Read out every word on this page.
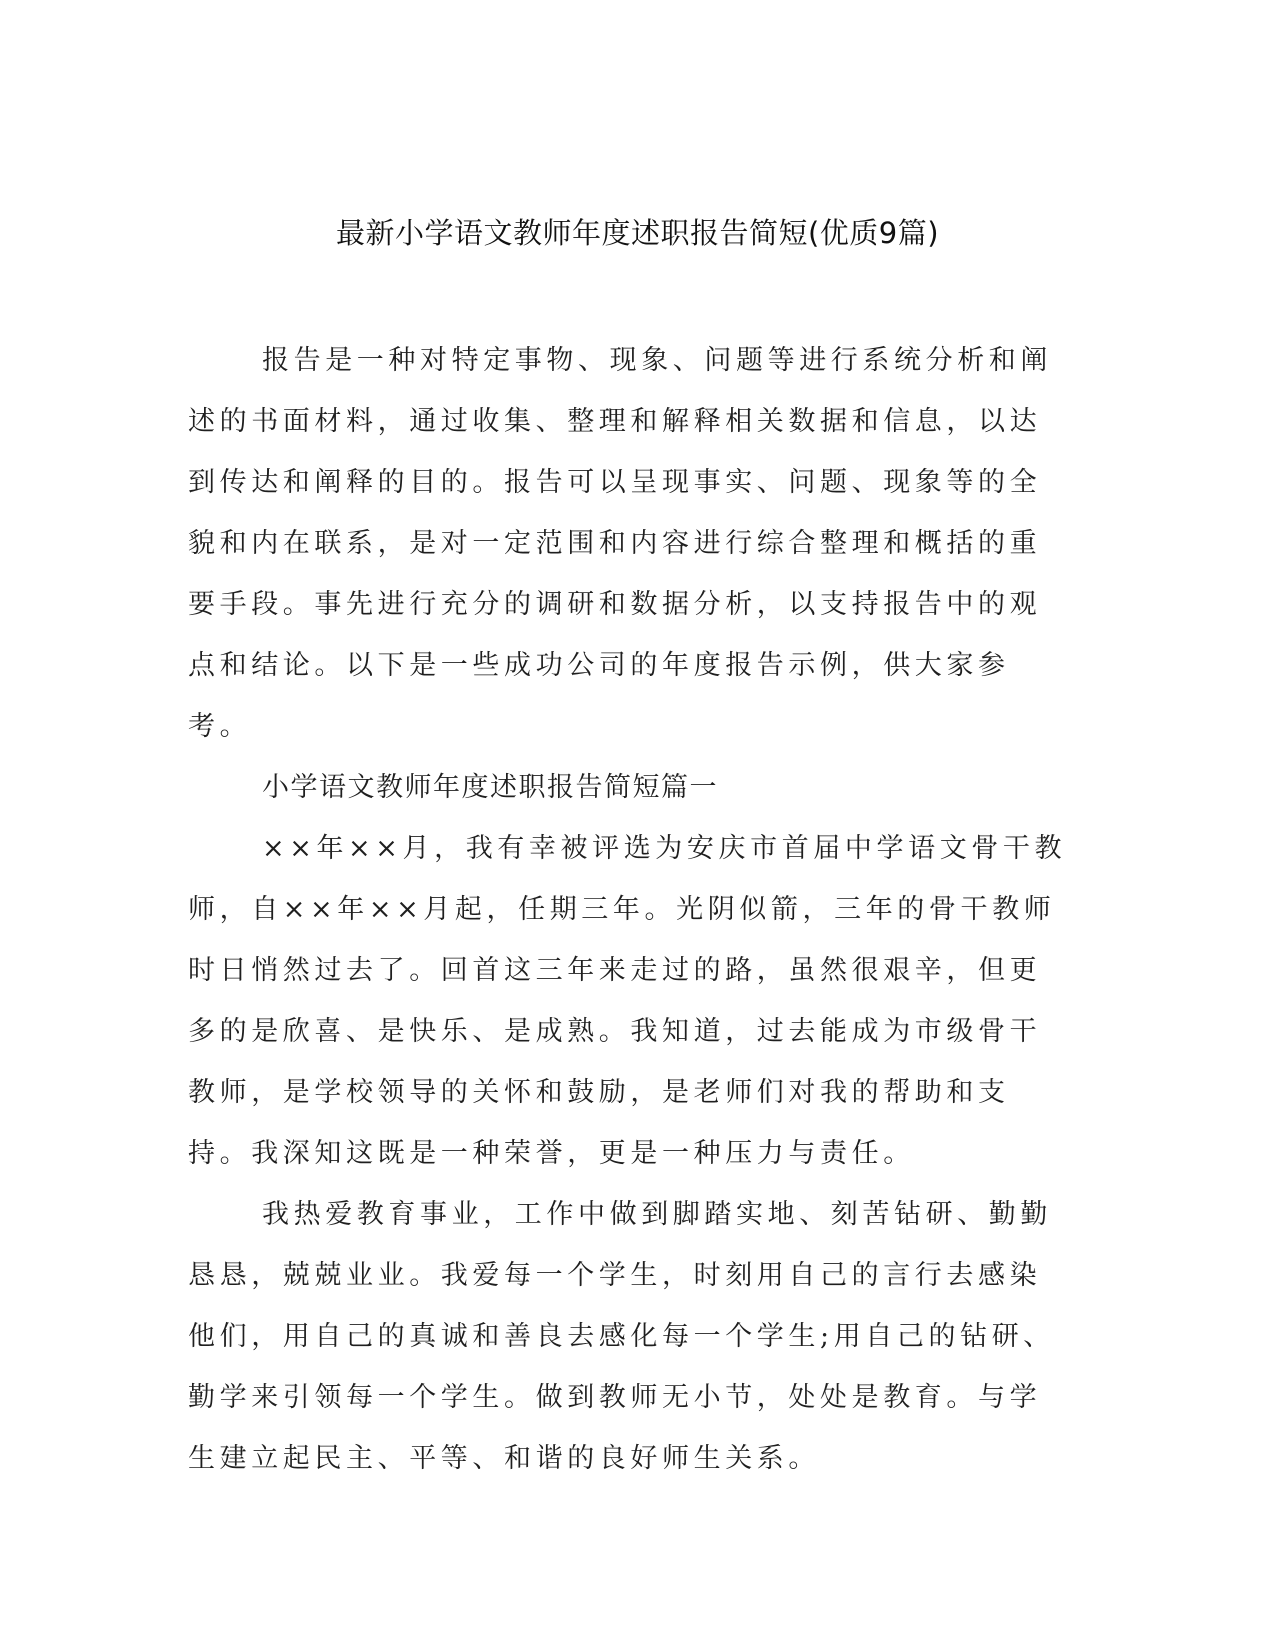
最新小学语文教师年度述职报告简短(优质9篇)

报告是一种对特定事物、现象、问题等进行系统分析和阐述的书面材料，通过收集、整理和解释相关数据和信息，以达到传达和阐释的目的。报告可以呈现事实、问题、现象等的全貌和内在联系，是对一定范围和内容进行综合整理和概括的重要手段。事先进行充分的调研和数据分析，以支持报告中的观点和结论。以下是一些成功公司的年度报告示例，供大家参考。

小学语文教师年度述职报告简短篇一

××年××月，我有幸被评选为安庆市首届中学语文骨干教师，自××年××月起，任期三年。光阴似箭，三年的骨干教师时日悄然过去了。回首这三年来走过的路，虽然很艰辛，但更多的是欣喜、是快乐、是成熟。我知道，过去能成为市级骨干教师，是学校领导的关怀和鼓励，是老师们对我的帮助和支持。我深知这既是一种荣誉，更是一种压力与责任。

我热爱教育事业，工作中做到脚踏实地、刻苦钻研、勤勤恳恳，兢兢业业。我爱每一个学生，时刻用自己的言行去感染他们，用自己的真诚和善良去感化每一个学生;用自己的钻研、勤学来引领每一个学生。做到教师无小节，处处是教育。与学生建立起民主、平等、和谐的良好师生关系。
